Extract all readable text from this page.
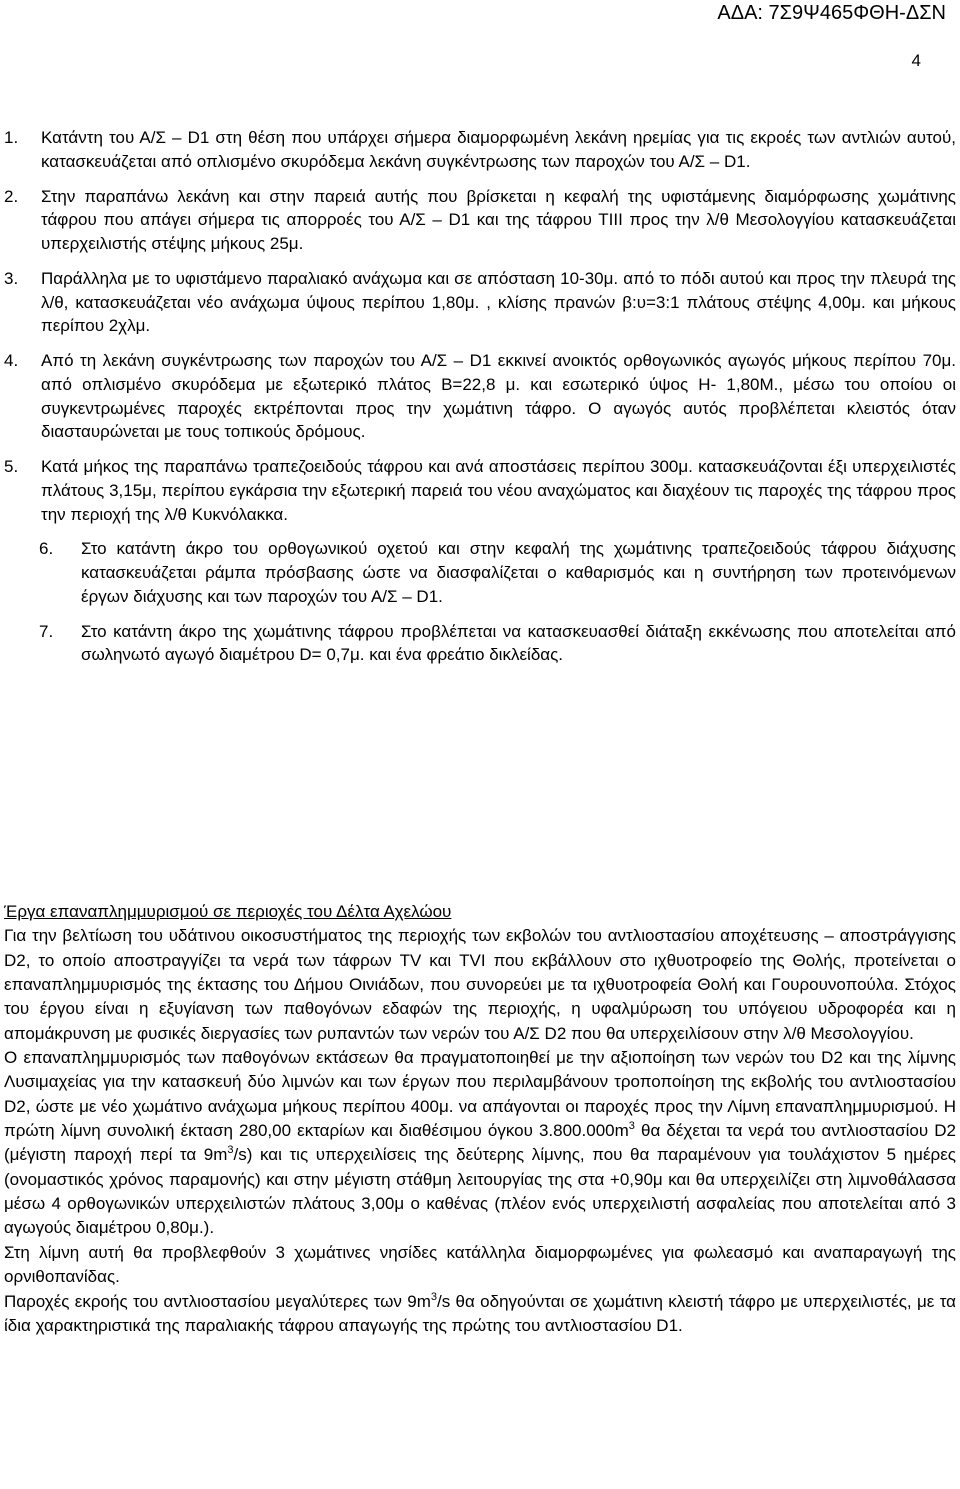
ΑΔΑ: 7Σ9Ψ465ΦΘΗ-ΔΣΝ
4
1. Κατάντη του Α/Σ – D1 στη θέση που υπάρχει σήμερα διαμορφωμένη λεκάνη ηρεμίας για τις εκροές των αντλιών αυτού, κατασκευάζεται από οπλισμένο σκυρόδεμα λεκάνη συγκέντρωσης των παροχών του Α/Σ – D1.
2. Στην παραπάνω λεκάνη και στην παρειά αυτής που βρίσκεται η κεφαλή της υφιστάμενης διαμόρφωσης χωμάτινης τάφρου που απάγει σήμερα τις απορροές του Α/Σ – D1 και της τάφρου ΤΙΙΙ προς την λ/θ Μεσολογγίου κατασκευάζεται υπερχειλιστής στέψης μήκους 25μ.
3. Παράλληλα με το υφιστάμενο παραλιακό ανάχωμα και σε απόσταση 10-30μ. από το πόδι αυτού και προς την πλευρά της λ/θ, κατασκευάζεται νέο ανάχωμα ύψους περίπου 1,80μ. , κλίσης πρανών β:υ=3:1 πλάτους στέψης 4,00μ. και μήκους περίπου 2χλμ.
4. Από τη λεκάνη συγκέντρωσης των παροχών του Α/Σ – D1 εκκινεί ανοικτός ορθογωνικός αγωγός μήκους περίπου 70μ. από οπλισμένο σκυρόδεμα με εξωτερικό πλάτος Β=22,8 μ. και εσωτερικό ύψος Η- 1,80Μ., μέσω του οποίου οι συγκεντρωμένες παροχές εκτρέπονται προς την χωμάτινη τάφρο. Ο αγωγός αυτός προβλέπεται κλειστός όταν διασταυρώνεται με τους τοπικούς δρόμους.
5. Κατά μήκος της παραπάνω τραπεζοειδούς τάφρου και ανά αποστάσεις περίπου 300μ. κατασκευάζονται έξι υπερχειλιστές πλάτους 3,15μ, περίπου εγκάρσια την εξωτερική παρειά του νέου αναχώματος και διαχέουν τις παροχές της τάφρου προς την περιοχή της λ/θ Κυκνόλακκα.
6. Στο κατάντη άκρο του ορθογωνικού οχετού και στην κεφαλή της χωμάτινης τραπεζοειδούς τάφρου διάχυσης κατασκευάζεται ράμπα πρόσβασης ώστε να διασφαλίζεται ο καθαρισμός και η συντήρηση των προτεινόμενων έργων διάχυσης και των παροχών του Α/Σ – D1.
7. Στο κατάντη άκρο της χωμάτινης τάφρου προβλέπεται να κατασκευασθεί διάταξη εκκένωσης που αποτελείται από σωληνωτό αγωγό διαμέτρου D= 0,7μ. και ένα φρεάτιο δικλείδας.
Έργα επαναπλημμυρισμού σε περιοχές του Δέλτα Αχελώου
Για την βελτίωση του υδάτινου οικοσυστήματος της περιοχής των εκβολών του αντλιοστασίου αποχέτευσης – αποστράγγισης D2, το οποίο αποστραγγίζει τα νερά των τάφρων TV και TVI που εκβάλλουν στο ιχθυοτροφείο της Θολής, προτείνεται ο επαναπλημμυρισμός της έκτασης του Δήμου Οινιάδων, που συνορεύει με τα ιχθυοτροφεία Θολή και Γουρουνοπούλα. Στόχος του έργου είναι η εξυγίανση των παθογόνων εδαφών της περιοχής, η υφαλμύρωση του υπόγειου υδροφορέα και η απομάκρυνση με φυσικές διεργασίες των ρυπαντών των νερών του Α/Σ D2 που θα υπερχειλίσουν στην λ/θ Μεσολογγίου.
Ο επαναπλημμυρισμός των παθογόνων εκτάσεων θα πραγματοποιηθεί με την αξιοποίηση των νερών του D2 και της λίμνης Λυσιμαχείας για την κατασκευή δύο λιμνών και των έργων που περιλαμβάνουν τροποποίηση της εκβολής του αντλιοστασίου D2, ώστε με νέο χωμάτινο ανάχωμα μήκους περίπου 400μ. να απάγονται οι παροχές προς την Λίμνη επαναπλημμυρισμού. Η πρώτη λίμνη συνολική έκταση 280,00 εκταρίων και διαθέσιμου όγκου $3.800.000m^3$ θα δέχεται τα νερά του αντλιοστασίου D2 (μέγιστη παροχή περί τα $9m^3/s$) και τις υπερχειλίσεις της δεύτερης λίμνης, που θα παραμένουν για τουλάχιστον 5 ημέρες (ονομαστικός χρόνος παραμονής) και στην μέγιστη στάθμη λειτουργίας της στα +0,90μ και θα υπερχειλίζει στη λιμνοθάλασσα μέσω 4 ορθογωνικών υπερχειλιστών πλάτους 3,00μ ο καθένας (πλέον ενός υπερχειλιστή ασφαλείας που αποτελείται από 3 αγωγούς διαμέτρου 0,80μ.).
Στη λίμνη αυτή θα προβλεφθούν 3 χωμάτινες νησίδες κατάλληλα διαμορφωμένες για φωλεασμό και αναπαραγωγή της ορνιθοπανίδας.
Παροχές εκροής του αντλιοστασίου μεγαλύτερες των $9m^3/s$ θα οδηγούνται σε χωμάτινη κλειστή τάφρο με υπερχειλιστές, με τα ίδια χαρακτηριστικά της παραλιακής τάφρου απαγωγής της πρώτης του αντλιοστασίου D1.
